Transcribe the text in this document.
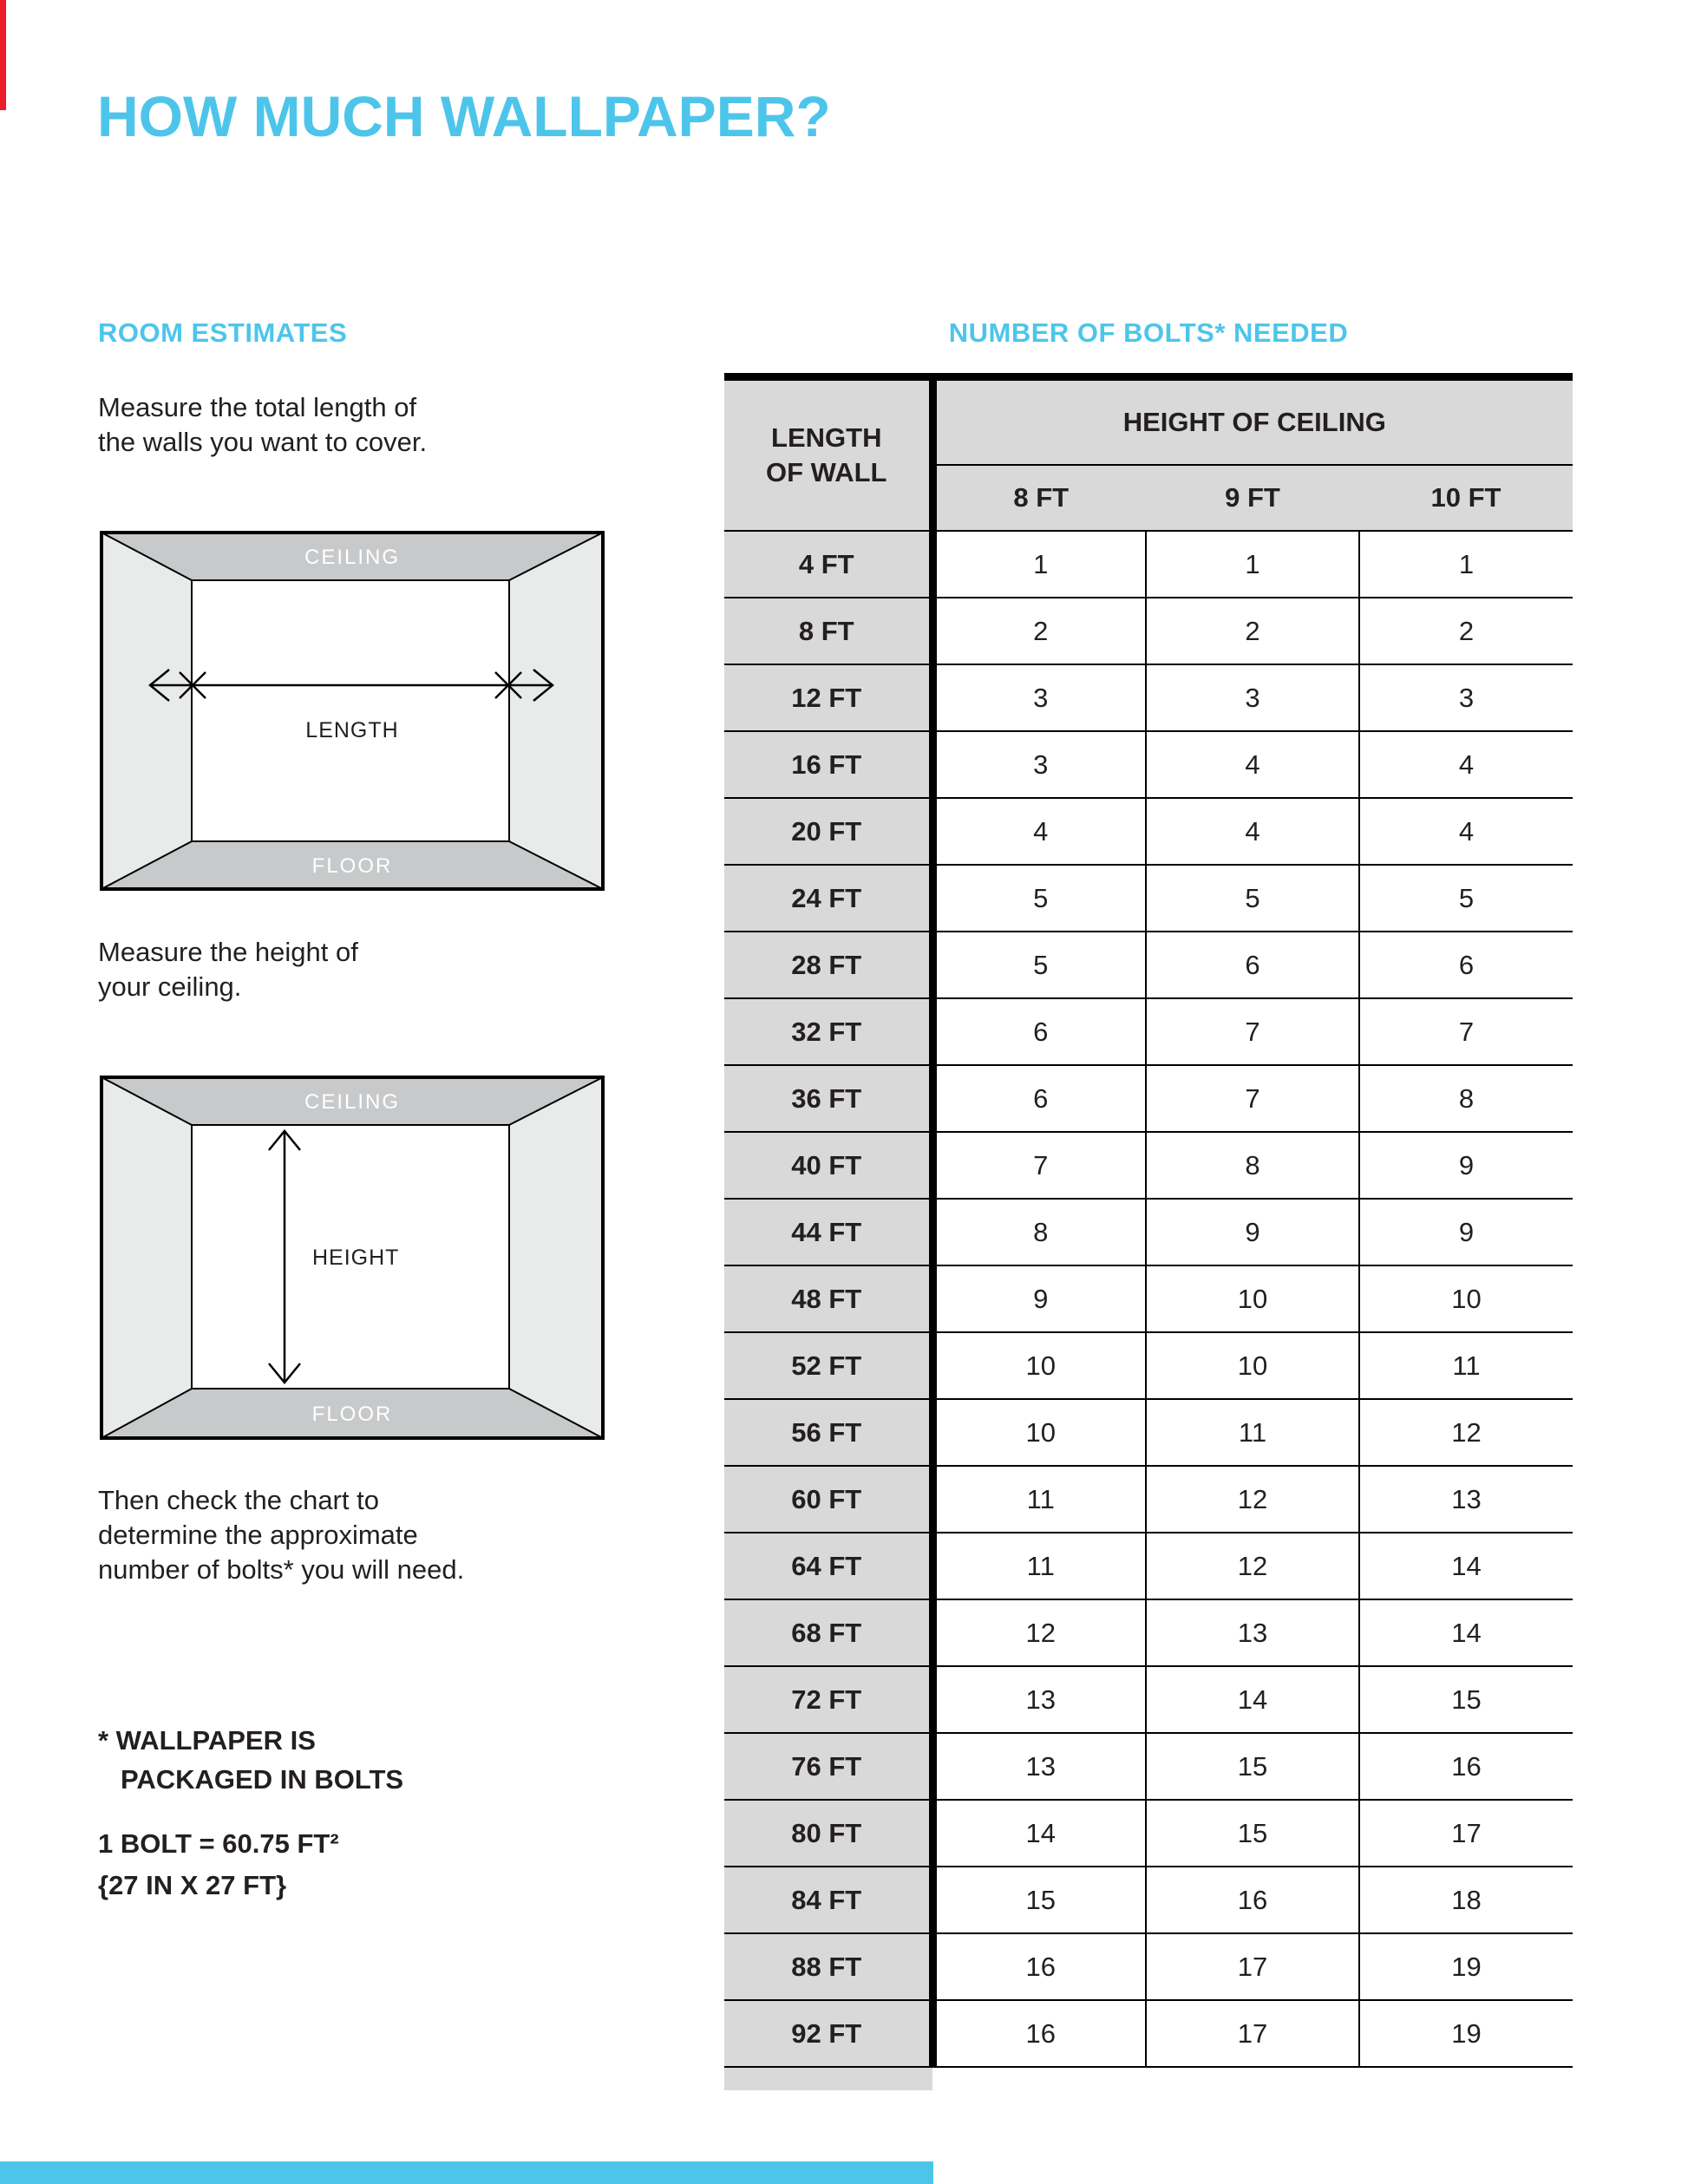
HOW MUCH WALLPAPER?
ROOM ESTIMATES
Measure the total length of
the walls you want to cover.
CEILING
FLOOR
LENGTH
Measure the height of
your ceiling.
CEILING
FLOOR
HEIGHT
Then check the chart to
determine the approximate
number of bolts* you will need.
* WALLPAPER IS
PACKAGED IN BOLTS
1 BOLT = 60.75 FT²
{27 IN X 27 FT}
NUMBER OF BOLTS* NEEDED
LENGTH
OF WALL	HEIGHT OF CEILING		
	8 FT	9 FT	10 FT
4 FT	1	1	1
8 FT	2	2	2
12 FT	3	3	3
16 FT	3	4	4
20 FT	4	4	4
24 FT	5	5	5
28 FT	5	6	6
32 FT	6	7	7
36 FT	6	7	8
40 FT	7	8	9
44 FT	8	9	9
48 FT	9	10	10
52 FT	10	10	11
56 FT	10	11	12
60 FT	11	12	13
64 FT	11	12	14
68 FT	12	13	14
72 FT	13	14	15
76 FT	13	15	16
80 FT	14	15	17
84 FT	15	16	18
88 FT	16	17	19
92 FT	16	17	19
